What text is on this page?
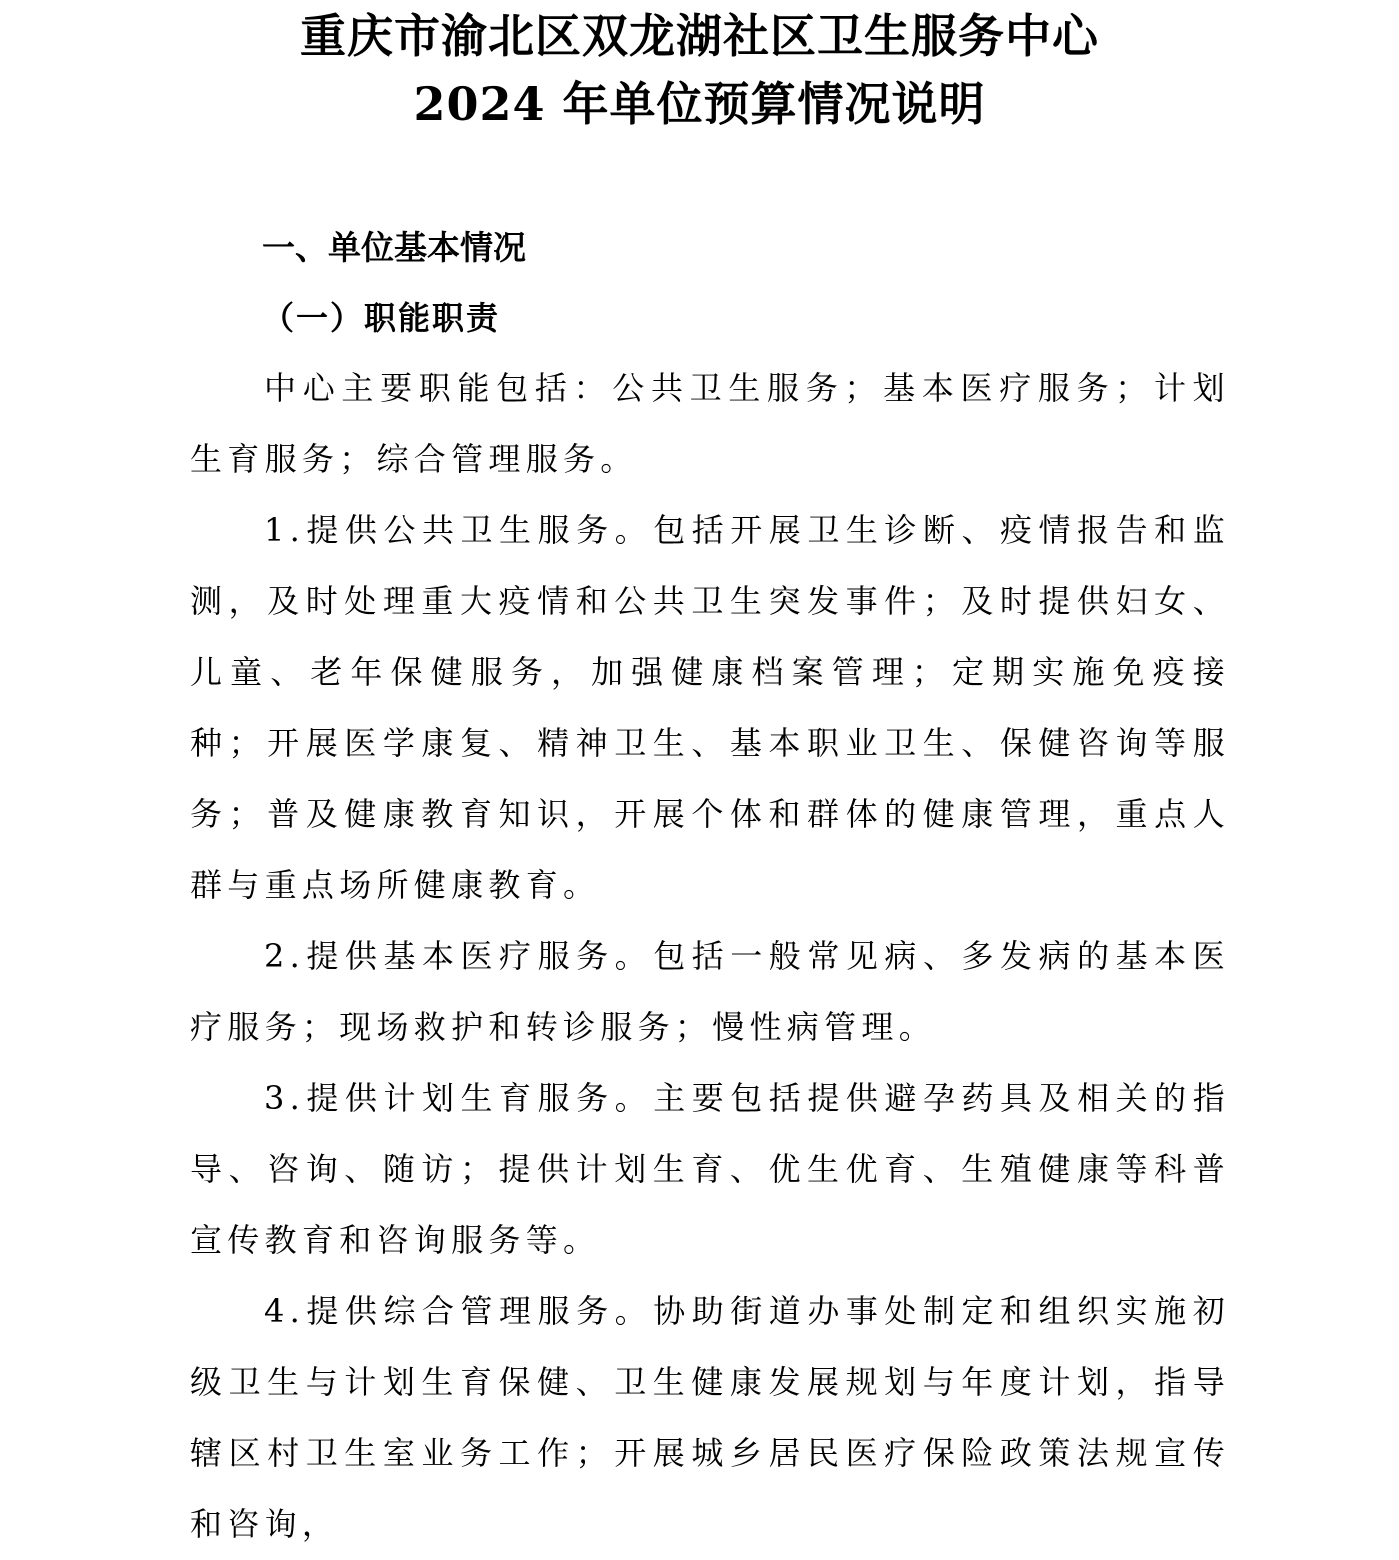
重庆市渝北区双龙湖社区卫生服务中心
2024 年单位预算情况说明
一、单位基本情况
（一）职能职责

中心主要职能包括：公共卫生服务；基本医疗服务；计划生育服务；综合管理服务。

1.提供公共卫生服务。包括开展卫生诊断、疫情报告和监测，及时处理重大疫情和公共卫生突发事件；及时提供妇女、儿童、老年保健服务，加强健康档案管理；定期实施免疫接种；开展医学康复、精神卫生、基本职业卫生、保健咨询等服务；普及健康教育知识，开展个体和群体的健康管理，重点人群与重点场所健康教育。

2.提供基本医疗服务。包括一般常见病、多发病的基本医疗服务；现场救护和转诊服务；慢性病管理。

3.提供计划生育服务。主要包括提供避孕药具及相关的指导、咨询、随访；提供计划生育、优生优育、生殖健康等科普宣传教育和咨询服务等。

4.提供综合管理服务。协助街道办事处制定和组织实施初级卫生与计划生育保健、卫生健康发展规划与年度计划，指导辖区村卫生室业务工作；开展城乡居民医疗保险政策法规宣传和咨询，
